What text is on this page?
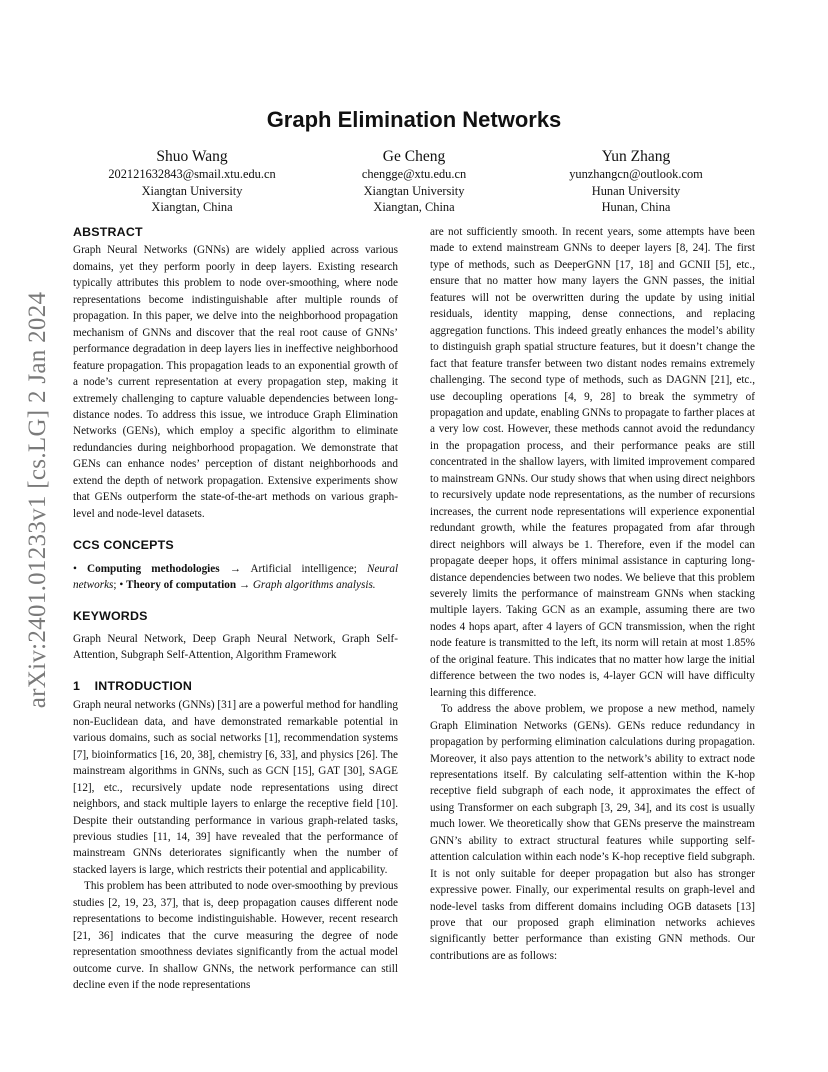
arXiv:2401.01233v1 [cs.LG] 2 Jan 2024
Graph Elimination Networks
Shuo Wang
202121632843@smail.xtu.edu.cn
Xiangtan University
Xiangtan, China
Ge Cheng
chengge@xtu.edu.cn
Xiangtan University
Xiangtan, China
Yun Zhang
yunzhangcn@outlook.com
Hunan University
Hunan, China
ABSTRACT

Graph Neural Networks (GNNs) are widely applied across various domains, yet they perform poorly in deep layers. Existing research typically attributes this problem to node over-smoothing, where node representations become indistinguishable after multiple rounds of propagation. In this paper, we delve into the neighborhood propagation mechanism of GNNs and discover that the real root cause of GNNs’ performance degradation in deep layers lies in ineffective neighborhood feature propagation. This propagation leads to an exponential growth of a node’s current representation at every propagation step, making it extremely challenging to capture valuable dependencies between long-distance nodes. To address this issue, we introduce Graph Elimination Networks (GENs), which employ a specific algorithm to eliminate redundancies during neighborhood propagation. We demonstrate that GENs can enhance nodes’ perception of distant neighborhoods and extend the depth of network propagation. Extensive experiments show that GENs outperform the state-of-the-art methods on various graph-level and node-level datasets.

CCS CONCEPTS

• Computing methodologies → Artificial intelligence; Neural networks; • Theory of computation → Graph algorithms analysis.

KEYWORDS

Graph Neural Network, Deep Graph Neural Network, Graph Self-Attention, Subgraph Self-Attention, Algorithm Framework

1    INTRODUCTION

Graph neural networks (GNNs) [31] are a powerful method for handling non-Euclidean data, and have demonstrated remarkable potential in various domains, such as social networks [1], recommendation systems [7], bioinformatics [16, 20, 38], chemistry [6, 33], and physics [26]. The mainstream algorithms in GNNs, such as GCN [15], GAT [30], SAGE [12], etc., recursively update node representations using direct neighbors, and stack multiple layers to enlarge the receptive field [10]. Despite their outstanding performance in various graph-related tasks, previous studies [11, 14, 39] have revealed that the performance of mainstream GNNs deteriorates significantly when the number of stacked layers is large, which restricts their potential and applicability.

This problem has been attributed to node over-smoothing by previous studies [2, 19, 23, 37], that is, deep propagation causes different node representations to become indistinguishable. However, recent research [21, 36] indicates that the curve measuring the degree of node representation smoothness deviates significantly from the actual model outcome curve. In shallow GNNs, the network performance can still decline even if the node representations

are not sufficiently smooth. In recent years, some attempts have been made to extend mainstream GNNs to deeper layers [8, 24]. The first type of methods, such as DeeperGNN [17, 18] and GCNII [5], etc., ensure that no matter how many layers the GNN passes, the initial features will not be overwritten during the update by using initial residuals, identity mapping, dense connections, and replacing aggregation functions. This indeed greatly enhances the model’s ability to distinguish graph spatial structure features, but it doesn’t change the fact that feature transfer between two distant nodes remains extremely challenging. The second type of methods, such as DAGNN [21], etc., use decoupling operations [4, 9, 28] to break the symmetry of propagation and update, enabling GNNs to propagate to farther places at a very low cost. However, these methods cannot avoid the redundancy in the propagation process, and their performance peaks are still concentrated in the shallow layers, with limited improvement compared to mainstream GNNs. Our study shows that when using direct neighbors to recursively update node representations, as the number of recursions increases, the current node representations will experience exponential redundant growth, while the features propagated from afar through direct neighbors will always be 1. Therefore, even if the model can propagate deeper hops, it offers minimal assistance in capturing long-distance dependencies between two nodes. We believe that this problem severely limits the performance of mainstream GNNs when stacking multiple layers. Taking GCN as an example, assuming there are two nodes 4 hops apart, after 4 layers of GCN transmission, when the right node feature is transmitted to the left, its norm will retain at most 1.85% of the original feature. This indicates that no matter how large the initial difference between the two nodes is, 4-layer GCN will have difficulty learning this difference.

To address the above problem, we propose a new method, namely Graph Elimination Networks (GENs). GENs reduce redundancy in propagation by performing elimination calculations during propagation. Moreover, it also pays attention to the network’s ability to extract node representations itself. By calculating self-attention within the K-hop receptive field subgraph of each node, it approximates the effect of using Transformer on each subgraph [3, 29, 34], and its cost is usually much lower. We theoretically show that GENs preserve the mainstream GNN’s ability to extract structural features while supporting self-attention calculation within each node’s K-hop receptive field subgraph. It is not only suitable for deeper propagation but also has stronger expressive power. Finally, our experimental results on graph-level and node-level tasks from different domains including OGB datasets [13] prove that our proposed graph elimination networks achieves significantly better performance than existing GNN methods. Our contributions are as follows:
